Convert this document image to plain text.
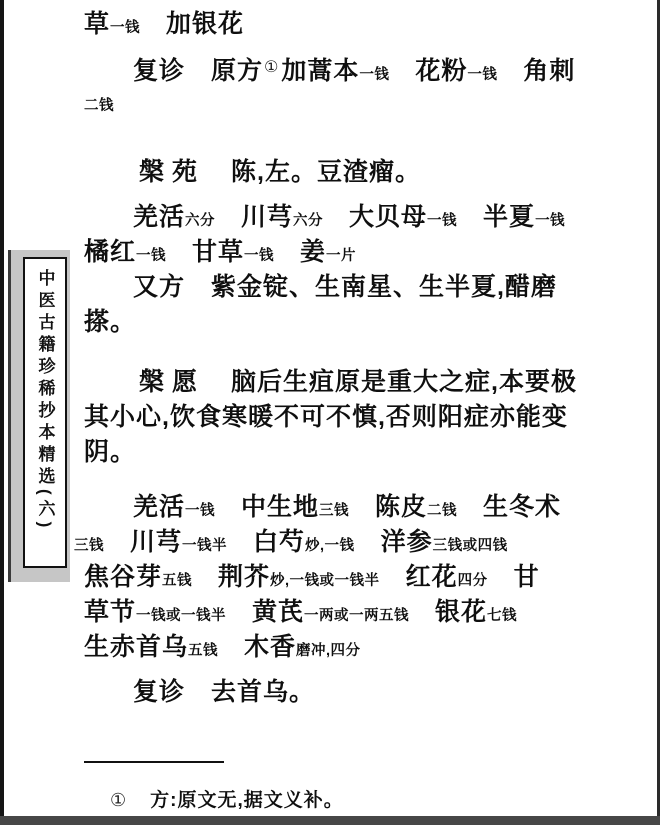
中医古籍珍稀抄本精选(六)
草一钱　加银花
复诊　原方① 加蒿本一钱　花粉一钱　角刺
二钱
槃苑　陈,左。豆渣瘤。
羌活六分　川芎六分　大贝母一钱　半夏一钱
橘红一钱　甘草一钱　姜一片
又方　紫金锭、生南星、生半夏,醋磨
搽。
槃愿　脑后生疽原是重大之症,本要极
其小心,饮食寒暖不可不慎,否则阳症亦能变
阴。
羌活一钱　中生地三钱　陈皮二钱　生冬术
三钱　川芎一钱半　白芍炒,一钱　洋参三钱或四钱
焦谷芽五钱　荆芥炒,一钱或一钱半　红花四分　甘
草节一钱或一钱半　黄芪一两或一两五钱　银花七钱
生赤首乌五钱　木香磨冲,四分
复诊　去首乌。
① 方:原文无,据文义补。
